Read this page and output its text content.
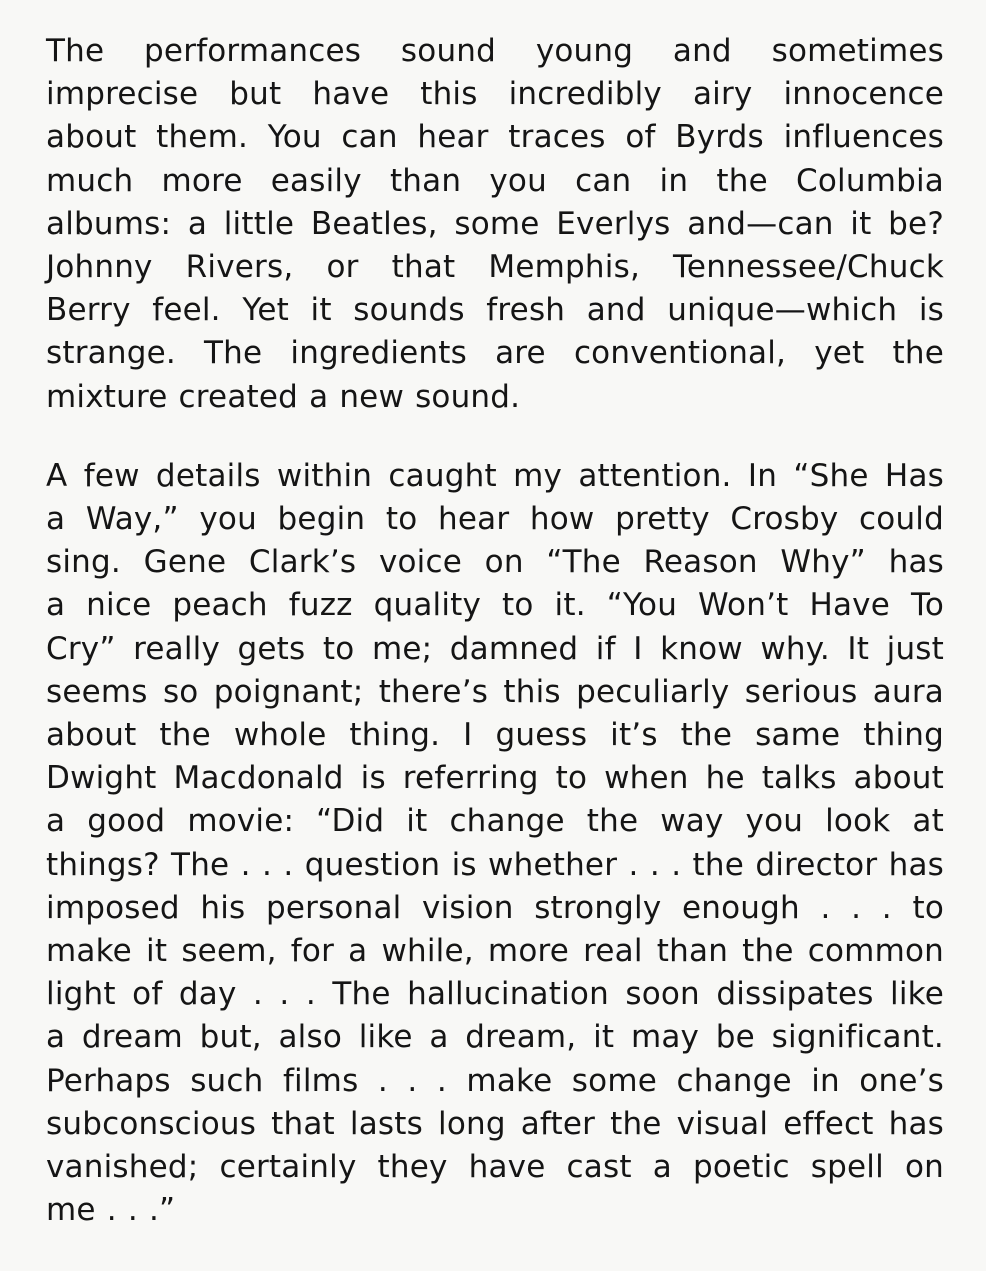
The performances sound young and sometimes
imprecise but have this incredibly airy innocence
about them. You can hear traces of Byrds influences
much more easily than you can in the Columbia
albums: a little Beatles, some Everlys and—can it be?
Johnny Rivers, or that Memphis, Tennessee/Chuck
Berry feel. Yet it sounds fresh and unique—which is
strange. The ingredients are conventional, yet the
mixture created a new sound.
A few details within caught my attention. In “She Has
a Way,” you begin to hear how pretty Crosby could
sing. Gene Clark’s voice on “The Reason Why” has
a nice peach fuzz quality to it. “You Won’t Have To
Cry” really gets to me; damned if I know why. It just
seems so poignant; there’s this peculiarly serious aura
about the whole thing. I guess it’s the same thing
Dwight Macdonald is referring to when he talks about
a good movie: “Did it change the way you look at
things? The . . . question is whether . . . the director has
imposed his personal vision strongly enough . . . to
make it seem, for a while, more real than the common
light of day . . . The hallucination soon dissipates like
a dream but, also like a dream, it may be significant.
Perhaps such films . . . make some change in one’s
subconscious that lasts long after the visual effect has
vanished; certainly they have cast a poetic spell on
me . . .”
